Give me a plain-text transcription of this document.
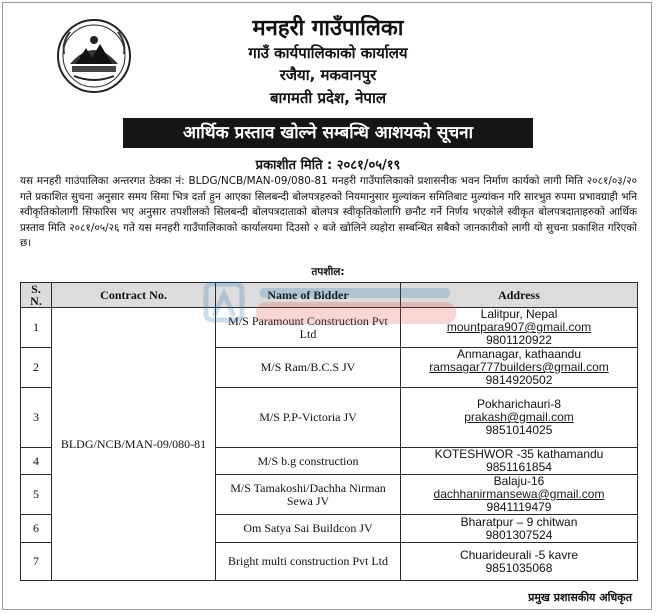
मनहरी गाउँपालिका
गाउँ कार्यपालिकाको कार्यालय
रजैया, मकवानपुर
बागमती प्रदेश, नेपाल
आर्थिक प्रस्ताव खोल्ने सम्बन्धि आशयको सूचना
प्रकाशीत मिति : २०८१/०५/१९

यस मनहरी गाउंपालिका अन्तरगत ठेक्का नं: BLDG/NCB/MAN-09/080-81 मनहरी गाउँपालिकाको प्रशासनीक भवन निर्माण कार्यको लागी मिति २०८१/०३/२० गते प्रकाशित सुचना अनुसार समय सिमा भित्र दर्ता हुन आएका सिलबन्दी बोलपत्रहरुको नियमानुसार मुल्यांकन समितिबाट मुल्यांकन गरि सारभुत रुपमा प्रभावग्राही भनि स्वीकृतिकोलागी सिफारिस भए अनुसार तपशीलको सिलबन्दी बोलपत्रदाताको बोलपत्र स्वीकृतिकोलागि छनौट गर्ने निर्णय भएकोले स्वीकृत बोलपत्रदाताहरुको आर्थिक प्रस्ताव मिति २०८१/०५/२६ गते यस मनहरी गाउँपालिकाको कार्यालयमा दिउसो २ बजे खोलिने व्यहोरा सम्बन्धित सबैको जानकारीको लागी यो सुचना प्रकाशित गरिएको छ।

तपशील:
S. N.	Contract No.	Name of Bidder	Address
1	BLDG/NCB/MAN-09/080-81	M/S Paramount Construction Pvt Ltd	Lalitpur, Nepal
mountpara907@gmail.com
9801120922

2		M/S Ram/B.C.S JV	Anmanagar, kathaandu
ramsagar777builders@gmail.com
9814920502

3		M/S P.P-Victoria JV	Pokharichauri-8
prakash@gmail.com
9851014025

4		M/S b.g construction	KOTESHWOR -35 kathamandu
9851161854

5		M/S Tamakoshi/Dachha Nirman Sewa JV	Balaju-16
dachhanirmansewa@gmail.com
9841119479

6		Om Satya Sai Buildcon JV	Bharatpur – 9 chitwan
9801307524

7		Bright multi construction Pvt Ltd	Chuarideurali -5 kavre
9851035068
प्रमुख प्रशासकीय अधिकृत
